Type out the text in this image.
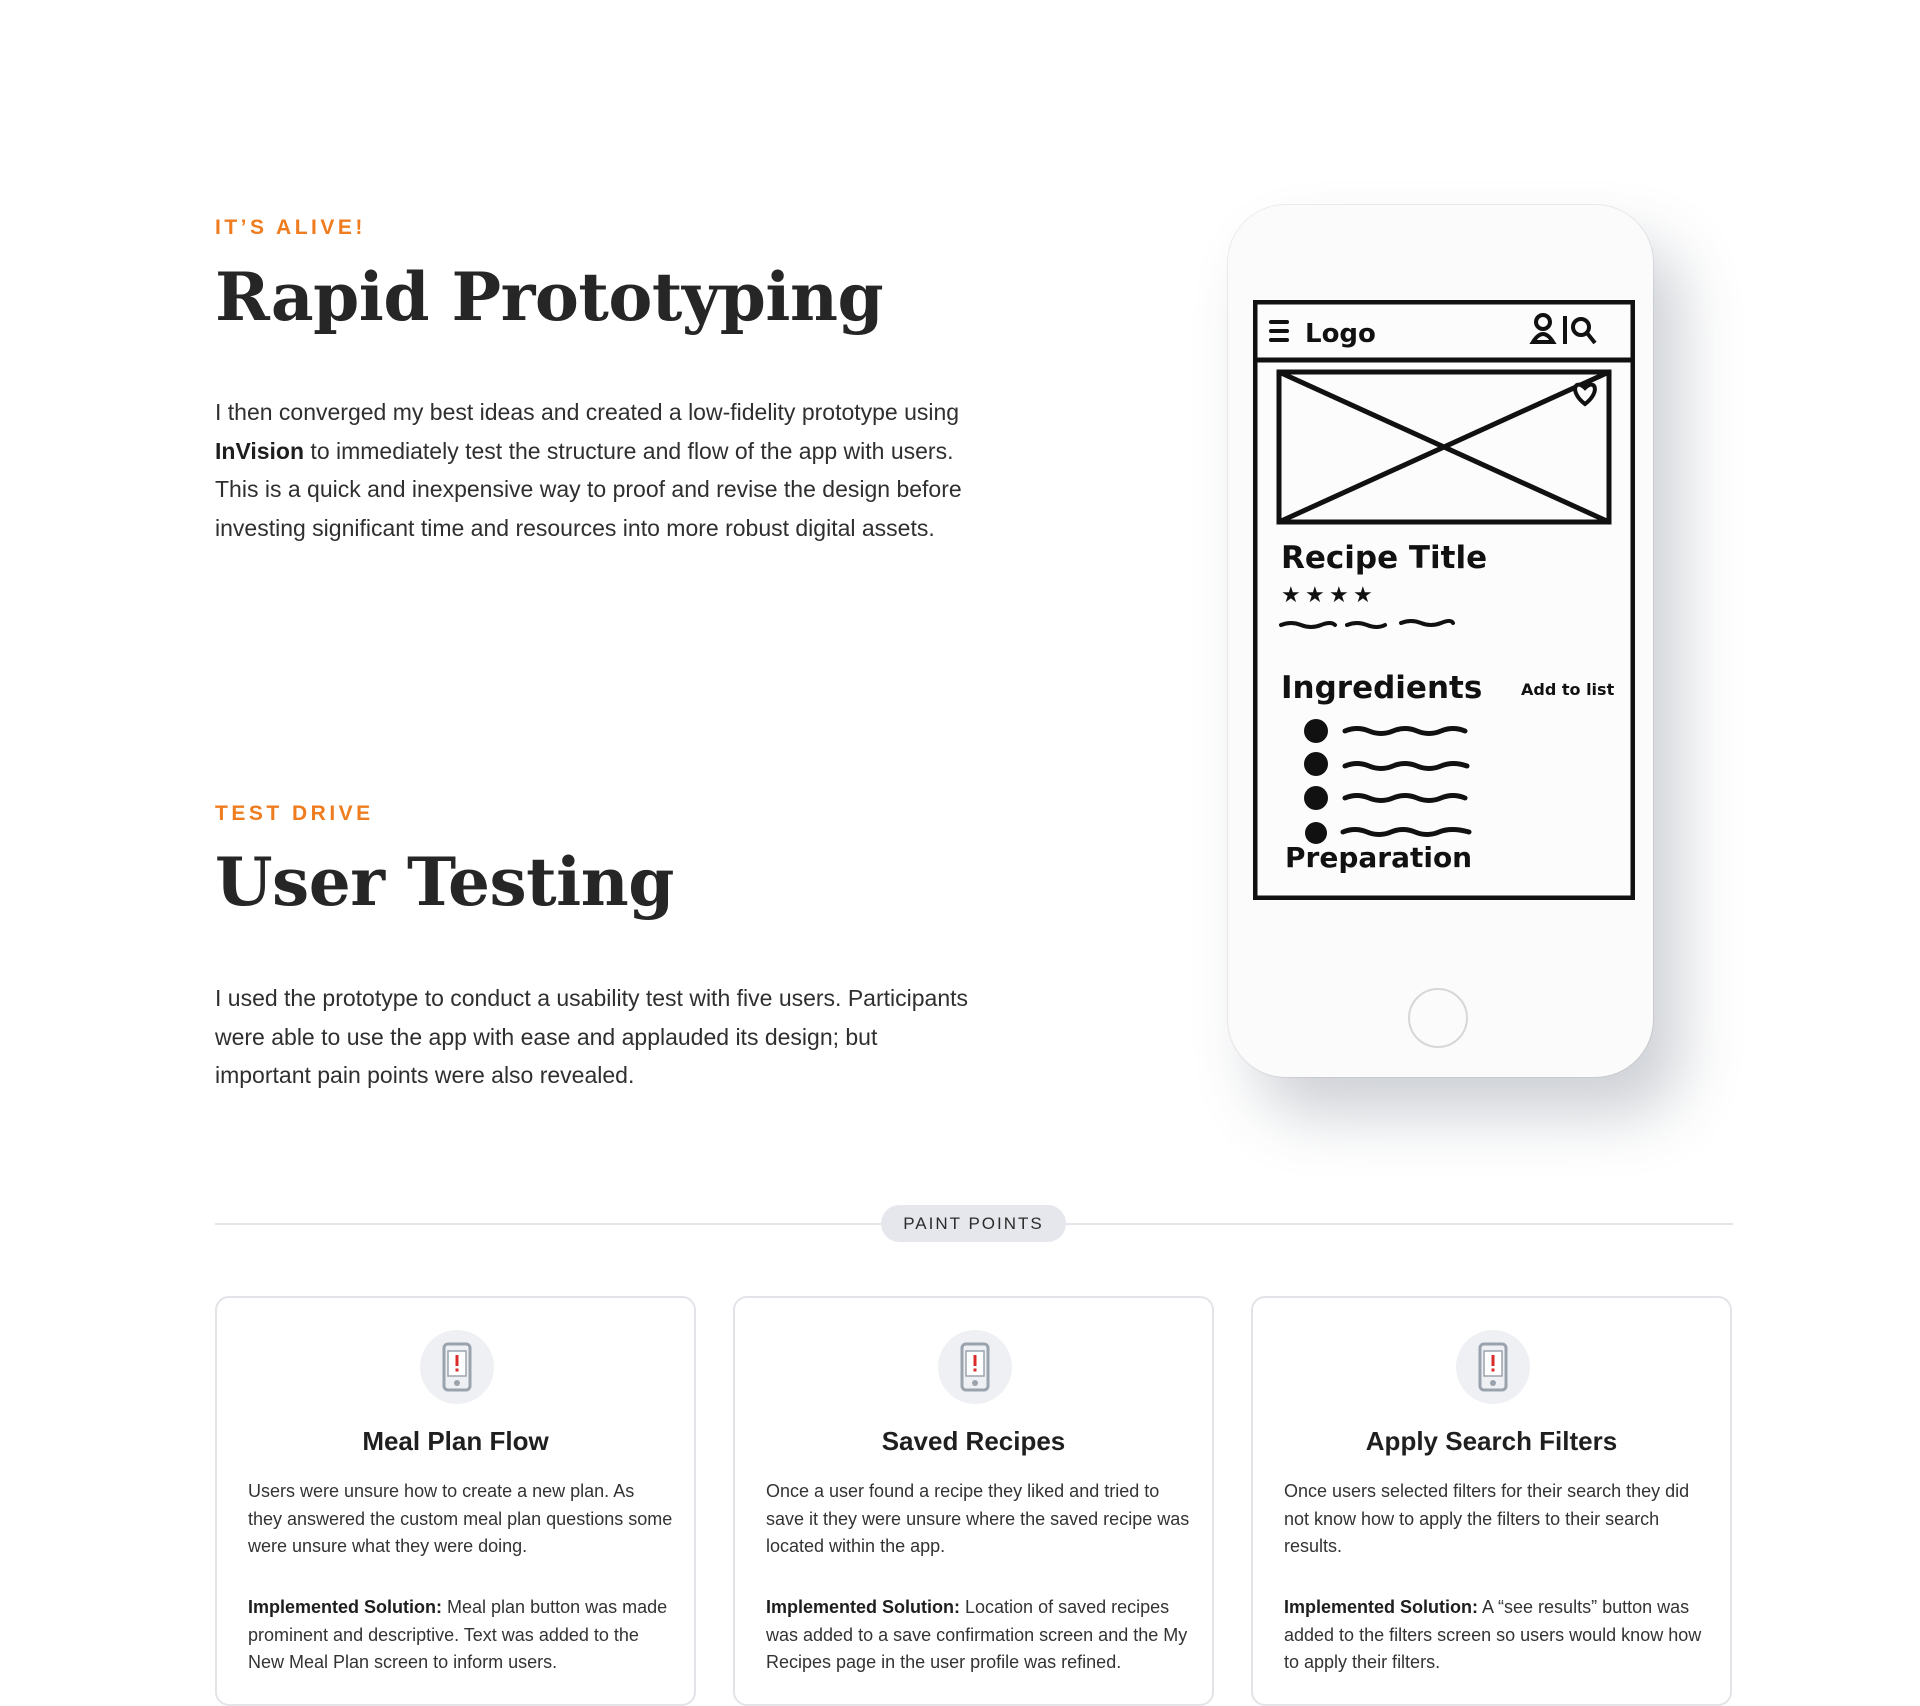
IT’S ALIVE!

Rapid Prototyping

I then converged my best ideas and created a low-fidelity prototype using InVision to immediately test the structure and flow of the app with users. This is a quick and inexpensive way to proof and revise the design before investing significant time and resources into more robust digital assets.

TEST DRIVE

User Testing

I used the prototype to conduct a usability test with five users. Participants were able to use the app with ease and applauded its design; but important pain points were also revealed.

Logo
Recipe Title
★ ★ ★ ★
Ingredients Add to list
Preparation
PAINT POINTS
Meal Plan Flow

Users were unsure how to create a new plan. As they answered the custom meal plan questions some were unsure what they were doing.

Implemented Solution: Meal plan button was made prominent and descriptive. Text was added to the New Meal Plan screen to inform users.

Saved Recipes

Once a user found a recipe they liked and tried to save it they were unsure where the saved recipe was located within the app.

Implemented Solution: Location of saved recipes was added to a save confirmation screen and the My Recipes page in the user profile was refined.

Apply Search Filters

Once users selected filters for their search they did not know how to apply the filters to their search results.

Implemented Solution: A “see results” button was added to the filters screen so users would know how to apply their filters.
